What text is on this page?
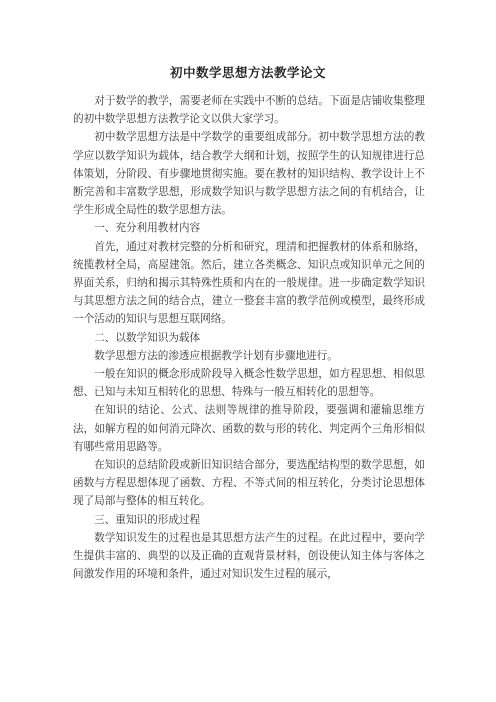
初中数学思想方法教学论文

对于数学的教学，需要老师在实践中不断的总结。下面是店铺收集整理的初中数学思想方法教学论文以供大家学习。

初中数学思想方法是中学数学的重要组成部分。初中数学思想方法的教学应以数学知识为载体，结合教学大纲和计划，按照学生的认知规律进行总体策划，分阶段、有步骤地贯彻实施。要在教材的知识结构、教学设计上不断完善和丰富数学思想，形成数学知识与数学思想方法之间的有机结合，让学生形成全局性的数学思想方法。

一、充分利用教材内容

首先，通过对教材完整的分析和研究，理清和把握教材的体系和脉络，统揽教材全局，高屋建瓴。然后，建立各类概念、知识点或知识单元之间的界面关系，归纳和揭示其特殊性质和内在的一般规律。进一步确定数学知识与其思想方法之间的结合点，建立一整套丰富的教学范例或模型，最终形成一个活动的知识与思想互联网络。

二、以数学知识为载体

数学思想方法的渗透应根据教学计划有步骤地进行。

一般在知识的概念形成阶段导入概念性数学思想，如方程思想、相似思想、已知与未知互相转化的思想、特殊与一般互相转化的思想等。

在知识的结论、公式、法则等规律的推导阶段，要强调和灌输思维方法，如解方程的如何消元降次、函数的数与形的转化、判定两个三角形相似有哪些常用思路等。

在知识的总结阶段或新旧知识结合部分，要选配结构型的数学思想，如函数与方程思想体现了函数、方程、不等式间的相互转化，分类讨论思想体现了局部与整体的相互转化。

三、重知识的形成过程

数学知识发生的过程也是其思想方法产生的过程。在此过程中，要向学生提供丰富的、典型的以及正确的直观背景材料，创设使认知主体与客体之间激发作用的环境和条件，通过对知识发生过程的展示，
